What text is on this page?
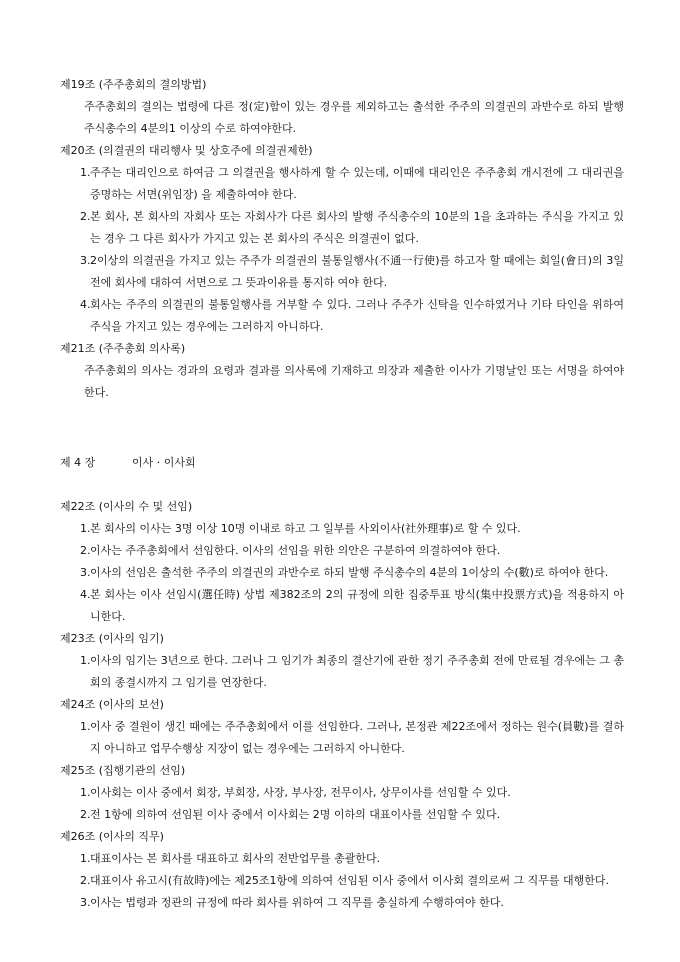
제19조 (주주총회의 결의방법)

주주총회의 결의는 법령에 다른 정(定)함이 있는 경우를 제외하고는 출석한 주주의 의결권의 과반수로 하되 발행주식총수의 4분의1 이상의 수로 하여야한다.

제20조 (의결권의 대리행사 및 상호주에 의결권제한)

1. 주주는 대리인으로 하여금 그 의결권을 행사하게 할 수 있는데, 이때에 대리인은 주주총회 개시전에 그 대리권을 증명하는 서면(위임장) 을 제출하여야 한다.
2. 본 회사, 본 회사의 자회사 또는 자회사가 다른 회사의 발행 주식총수의 10분의 1을 초과하는 주식을 가지고 있는 경우 그 다른 회사가 가지고 있는 본 회사의 주식은 의결권이 없다.
3. 2이상의 의결권을 가지고 있는 주주가 의결권의 불통일행사(不通一行使)를 하고자 할 때에는 회일(會日)의 3일전에 회사에 대하여 서면으로 그 뜻과이유를 통지하 여야 한다.
4. 회사는 주주의 의결권의 불통일행사를 거부할 수 있다. 그러나 주주가 신탁을 인수하였거나 기타 타인을 위하여 주식을 가지고 있는 경우에는 그러하지 아니하다.

제21조 (주주총회 의사록)

주주총회의 의사는 경과의 요령과 결과를 의사록에 기재하고 의장과 제출한 이사가 기명날인 또는 서명을 하여야 한다.

제 4 장	이사 · 이사회

제22조 (이사의 수 및 선임)

1. 본 회사의 이사는 3명 이상 10명 이내로 하고 그 일부를 사외이사(社外理事)로 할 수 있다.
2. 이사는 주주총회에서 선임한다. 이사의 선임을 위한 의안은 구분하여 의결하여야 한다.
3. 이사의 선임은 출석한 주주의 의결권의 과반수로 하되 발행 주식총수의 4분의 1이상의 수(數)로 하여야 한다.
4. 본 회사는 이사 선임시(選任時) 상법 제382조의 2의 규정에 의한 집중투표 방식(集中投票方式)을 적용하지 아니한다.

제23조 (이사의 임기)

1. 이사의 임기는 3년으로 한다. 그러나 그 임기가 최종의 결산기에 관한 정기 주주총회 전에 만료될 경우에는 그 총회의 종결시까지 그 임기를 연장한다.

제24조 (이사의 보선)

1. 이사 중 결원이 생긴 때에는 주주총회에서 이를 선임한다. 그러나, 본정관 제22조에서 정하는 원수(員數)를 결하지 아니하고 업무수행상 지장이 없는 경우에는 그러하지 아니한다.

제25조 (집행기관의 선임)

1. 이사회는 이사 중에서 회장, 부회장, 사장, 부사장, 전무이사, 상무이사를 선임할 수 있다.
2. 전 1항에 의하여 선임된 이사 중에서 이사회는 2명 이하의 대표이사를 선임할 수 있다.

제26조 (이사의 직무)

1. 대표이사는 본 회사를 대표하고 회사의 전반업무를 총괄한다.
2. 대표이사 유고시(有故時)에는 제25조1항에 의하여 선임된 이사 중에서 이사회 결의로써 그 직무를 대행한다.
3. 이사는 법령과 정관의 규정에 따라 회사를 위하여 그 직무를 충실하게 수행하여야 한다.
